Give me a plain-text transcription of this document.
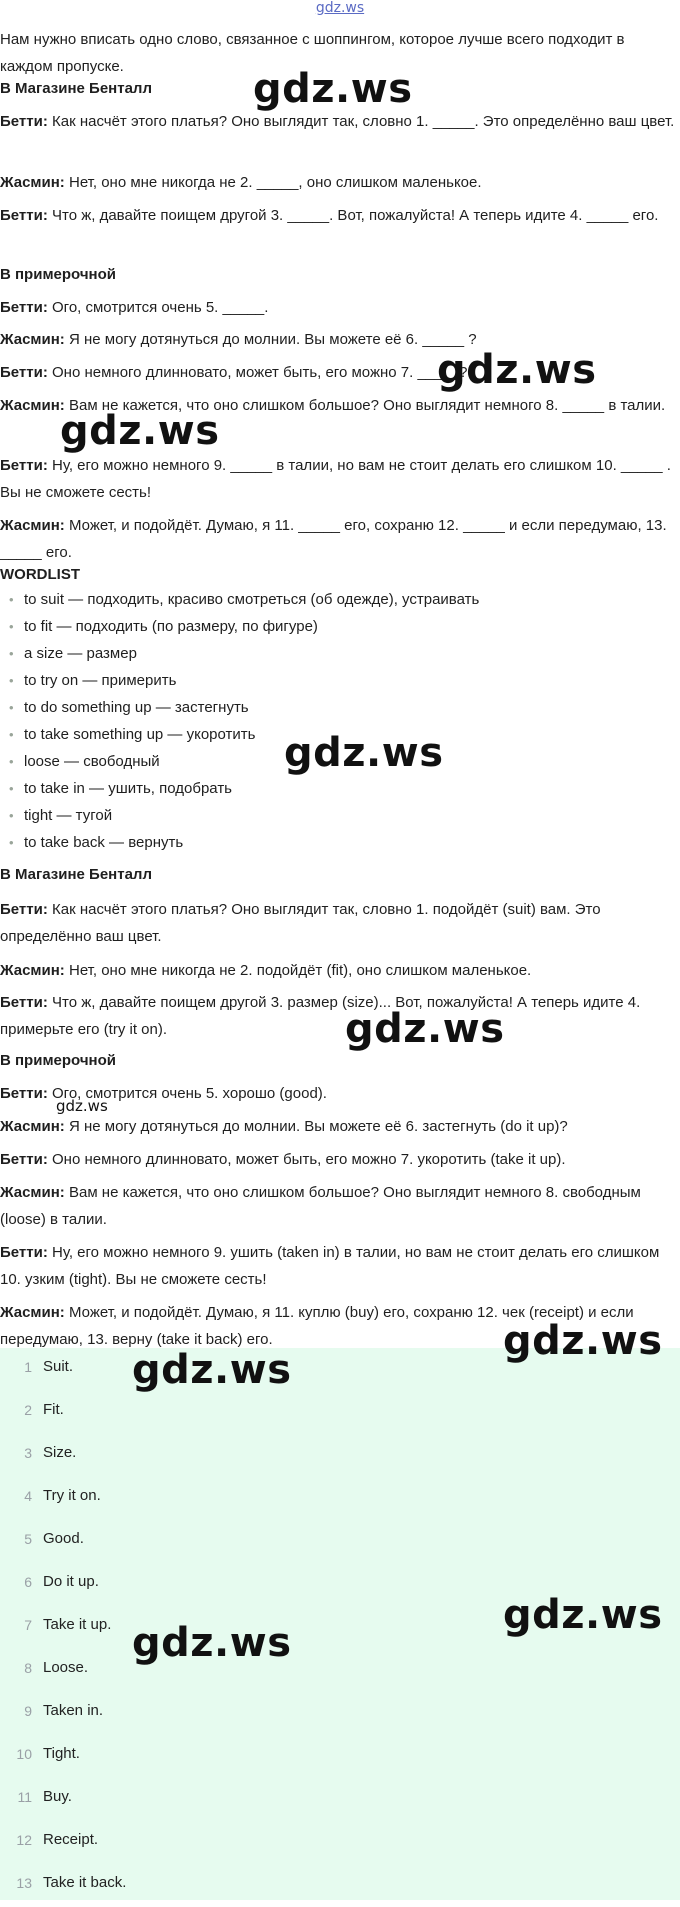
gdz.ws
Нам нужно вписать одно слово, связанное с шоппингом, которое лучше всего подходит в каждом пропуске.
В Магазине Бенталл
Бетти: Как насчёт этого платья? Оно выглядит так, словно 1. _____. Это определённо ваш цвет.
Жасмин: Нет, оно мне никогда не 2. _____, оно слишком маленькое.
Бетти: Что ж, давайте поищем другой 3. _____. Вот, пожалуйста! А теперь идите 4. _____ его.
В примерочной
Бетти: Ого, смотрится очень 5. _____.
Жасмин: Я не могу дотянуться до молнии. Вы можете её 6. _____ ?
Бетти: Оно немного длинновато, может быть, его можно 7. _____?
Жасмин: Вам не кажется, что оно слишком большое? Оно выглядит немного 8. _____ в талии.
Бетти: Ну, его можно немного 9. _____ в талии, но вам не стоит делать его слишком 10. _____ . Вы не сможете сесть!
Жасмин: Может, и подойдёт. Думаю, я 11. _____ его, сохраню 12. _____ и если передумаю, 13. _____ его.
WORDLIST
• to suit — подходить, красиво смотреться (об одежде), устраивать
• to fit — подходить (по размеру, по фигуре)
• a size — размер
• to try on — примерить
• to do something up — застегнуть
• to take something up — укоротить
• loose — свободный
• to take in — ушить, подобрать
• tight — тугой
• to take back — вернуть
В Магазине Бенталл
Бетти: Как насчёт этого платья? Оно выглядит так, словно 1. подойдёт (suit) вам. Это определённо ваш цвет.
Жасмин: Нет, оно мне никогда не 2. подойдёт (fit), оно слишком маленькое.
Бетти: Что ж, давайте поищем другой 3. размер (size)... Вот, пожалуйста! А теперь идите 4. примерьте его (try it on).
В примерочной
Бетти: Ого, смотрится очень 5. хорошо (good).
Жасмин: Я не могу дотянуться до молнии. Вы можете её 6. застегнуть (do it up)?
Бетти: Оно немного длинновато, может быть, его можно 7. укоротить (take it up).
Жасмин: Вам не кажется, что оно слишком большое? Оно выглядит немного 8. свободным (loose) в талии.
Бетти: Ну, его можно немного 9. ушить (taken in) в талии, но вам не стоит делать его слишком 10. узким (tight). Вы не сможете сесть!
Жасмин: Может, и подойдёт. Думаю, я 11. куплю (buy) его, сохраню 12. чек (receipt) и если передумаю, 13. верну (take it back) его.
1 Suit.
2 Fit.
3 Size.
4 Try it on.
5 Good.
6 Do it up.
7 Take it up.
8 Loose.
9 Taken in.
10 Tight.
11 Buy.
12 Receipt.
13 Take it back.
gdz.ws
gdz.ws
gdz.ws
gdz.ws
gdz.ws
gdz.ws
gdz.ws
gdz.ws
gdz.ws
gdz.ws
